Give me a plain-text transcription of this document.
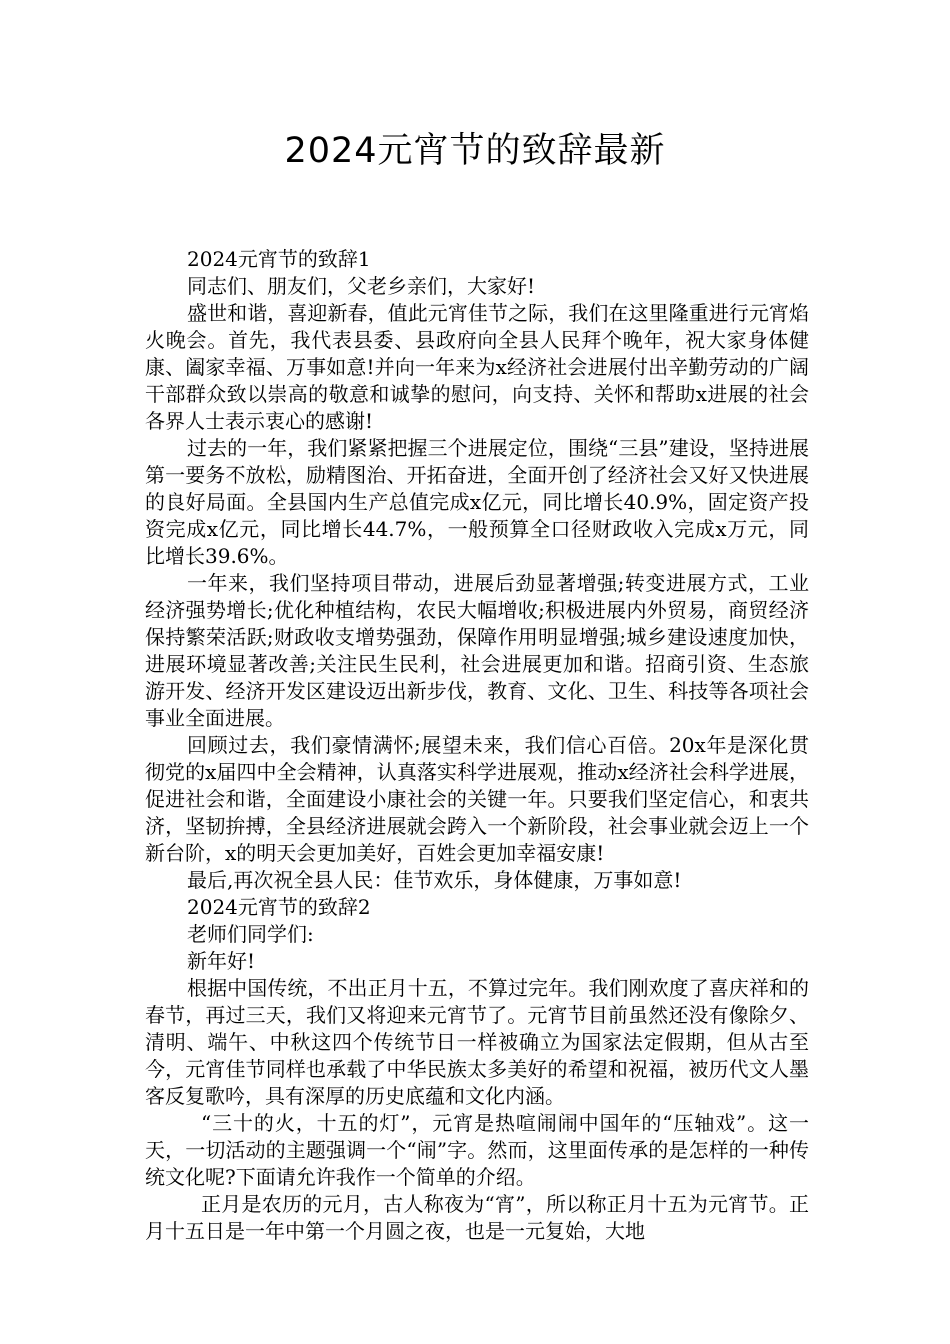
2024元宵节的致辞最新

2024元宵节的致辞1

同志们、朋友们，父老乡亲们，大家好!

盛世和谐，喜迎新春，值此元宵佳节之际，我们在这里隆重进行元宵焰火晚会。首先，我代表县委、县政府向全县人民拜个晚年，祝大家身体健康、阖家幸福、万事如意!并向一年来为x经济社会进展付出辛勤劳动的广阔干部群众致以崇高的敬意和诚挚的慰问，向支持、关怀和帮助x进展的社会各界人士表示衷心的感谢!

过去的一年，我们紧紧把握三个进展定位，围绕“三县”建设，坚持进展第一要务不放松，励精图治、开拓奋进，全面开创了经济社会又好又快进展的良好局面。全县国内生产总值完成x亿元，同比增长40.9%，固定资产投资完成x亿元，同比增长44.7%，一般预算全口径财政收入完成x万元，同比增长39.6%。

一年来，我们坚持项目带动，进展后劲显著增强;转变进展方式，工业经济强势增长;优化种植结构，农民大幅增收;积极进展内外贸易，商贸经济保持繁荣活跃;财政收支增势强劲，保障作用明显增强;城乡建设速度加快，进展环境显著改善;关注民生民利，社会进展更加和谐。招商引资、生态旅游开发、经济开发区建设迈出新步伐，教育、文化、卫生、科技等各项社会事业全面进展。

回顾过去，我们豪情满怀;展望未来，我们信心百倍。20x年是深化贯彻党的x届四中全会精神，认真落实科学进展观，推动x经济社会科学进展，促进社会和谐，全面建设小康社会的关键一年。只要我们坚定信心，和衷共济，坚韧拚搏，全县经济进展就会跨入一个新阶段，社会事业就会迈上一个新台阶，x的明天会更加美好，百姓会更加幸福安康!

最后,再次祝全县人民：佳节欢乐，身体健康，万事如意!

2024元宵节的致辞2

老师们同学们:

新年好!

根据中国传统，不出正月十五，不算过完年。我们刚欢度了喜庆祥和的春节，再过三天，我们又将迎来元宵节了。元宵节目前虽然还没有像除夕、清明、端午、中秋这四个传统节日一样被确立为国家法定假期，但从古至今，元宵佳节同样也承载了中华民族太多美好的希望和祝福，被历代文人墨客反复歌吟，具有深厚的历史底蕴和文化内涵。

“三十的火，十五的灯”，元宵是热喧闹闹中国年的“压轴戏”。这一天，一切活动的主题强调一个“闹”字。然而，这里面传承的是怎样的一种传统文化呢?下面请允许我作一个简单的介绍。

正月是农历的元月，古人称夜为“宵”，所以称正月十五为元宵节。正月十五日是一年中第一个月圆之夜，也是一元复始，大地
